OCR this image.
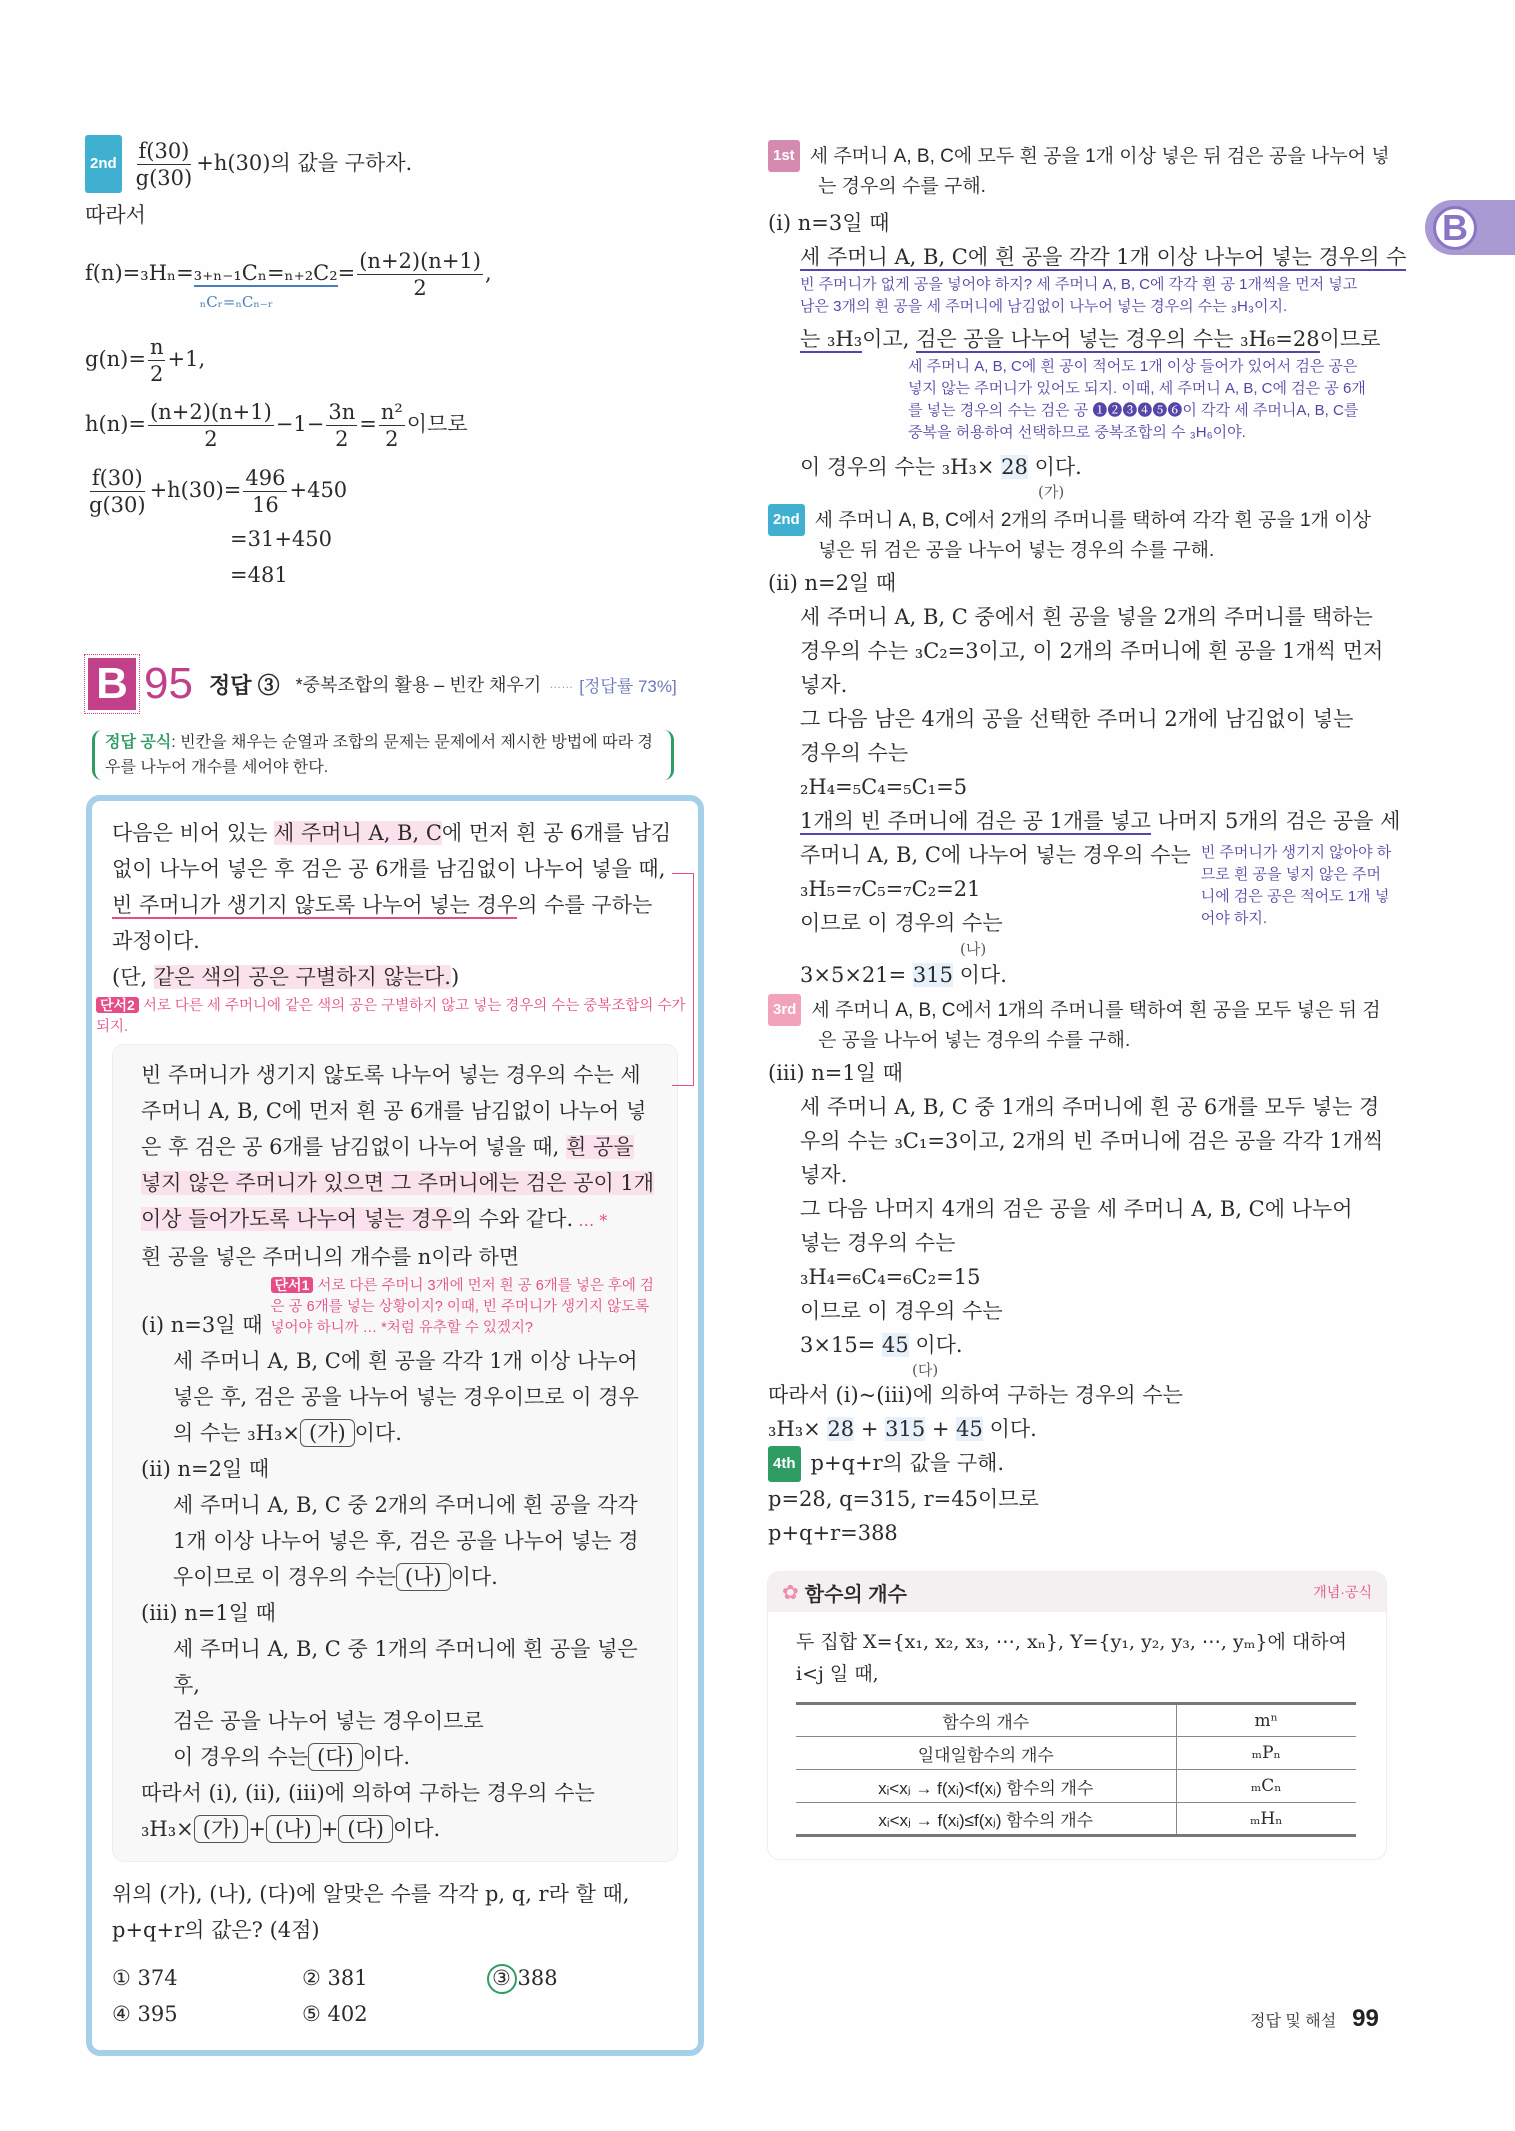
B
$2nd \frac{f(30)}{g(30)} +h(30)$의 값을 구하자.
따라서
f(n)=₃Hₙ=₃₊ₙ₋₁Cₙ=ₙ₊₂C₂
ₙCᵣ=ₙCₙ₋ᵣ
= $\frac{(n+2)(n+1)}{2}$ ,
$g(n)= \frac{n}{2} +1$,
$h(n)= \frac{(n+2)(n+1)}{2} -1- \frac{3n}{2} = \frac{\text{n²}}{2}$ 이므로
$\frac{f(30)}{g(30)} +h(30)= \frac{496}{16} +450$
=31+450
=481
B 95 정답 ③ *중복조합의 활용 – 빈칸 채우기 …… [정답률 73%]
정답 공식: 빈칸을 채우는 순열과 조합의 문제는 문제에서 제시한 방법에 따라 경우를 나누어 개수를 세어야 한다.

다음은 비어 있는 세 주머니 A, B, C에 먼저 흰 공 6개를 남김없이 나누어 넣은 후 검은 공 6개를 남김없이 나누어 넣을 때, 빈 주머니가 생기지 않도록 나누어 넣는 경우의 수를 구하는 과정이다.

(단, 같은 색의 공은 구별하지 않는다.)

단서2 서로 다른 세 주머니에 같은 색의 공은 구별하지 않고 넣는 경우의 수는 중복조합의 수가 되지.

빈 주머니가 생기지 않도록 나누어 넣는 경우의 수는 세 주머니 A, B, C에 먼저 흰 공 6개를 남김없이 나누어 넣은 후 검은 공 6개를 남김없이 나누어 넣을 때, 흰 공을 넣지 않은 주머니가 있으면 그 주머니에는 검은 공이 1개 이상 들어가도록 나누어 넣는 경우의 수와 같다. … *

흰 공을 넣은 주머니의 개수를 n이라 하면

(i) n=3일 때
단서1 서로 다른 주머니 3개에 먼저 흰 공 6개를 넣은 후에 검은 공 6개를 넣는 상황이지? 이때, 빈 주머니가 생기지 않도록 넣어야 하니까 … *처럼 유추할 수 있겠지?

세 주머니 A, B, C에 흰 공을 각각 1개 이상 나누어 넣은 후, 검은 공을 나누어 넣는 경우이므로 이 경우의 수는 ₃H₃× (가) 이다.

(ii) n=2일 때

세 주머니 A, B, C 중 2개의 주머니에 흰 공을 각각 1개 이상 나누어 넣은 후, 검은 공을 나누어 넣는 경우이므로 이 경우의 수는 (나) 이다.

(iii) n=1일 때

세 주머니 A, B, C 중 1개의 주머니에 흰 공을 넣은 후,

검은 공을 나누어 넣는 경우이므로

이 경우의 수는 (다) 이다.

따라서 (i), (ii), (iii)에 의하여 구하는 경우의 수는

₃H₃× (가) + (나) + (다) 이다.

위의 (가), (나), (다)에 알맞은 수를 각각 p, q, r라 할 때,

p+q+r의 값은? (4점)

① 374	② 381	③ 388
④ 395	⑤ 402

1st 세 주머니 A, B, C에 모두 흰 공을 1개 이상 넣은 뒤 검은 공을 나누어 넣는 경우의 수를 구해.

(i) n=3일 때

세 주머니 A, B, C에 흰 공을 각각 1개 이상 나누어 넣는 경우의 수

빈 주머니가 없게 공을 넣어야 하지? 세 주머니 A, B, C에 각각 흰 공 1개씩을 먼저 넣고 남은 3개의 흰 공을 세 주머니에 남김없이 나누어 넣는 경우의 수는 ₃H₃이지.

는 ₃H₃이고, 검은 공을 나누어 넣는 경우의 수는 ₃H₆=28이므로

세 주머니 A, B, C에 흰 공이 적어도 1개 이상 들어가 있어서 검은 공은 넣지 않는 주머니가 있어도 되지. 이때, 세 주머니 A, B, C에 검은 공 6개를 넣는 경우의 수는 검은 공 ❶❷❸❹❺❻이 각각 세 주머니A, B, C를 중복을 허용하여 선택하므로 중복조합의 수 ₃H₆이야.

이 경우의 수는 ₃H₃× 28 이다.

(가)

2nd 세 주머니 A, B, C에서 2개의 주머니를 택하여 각각 흰 공을 1개 이상 넣은 뒤 검은 공을 나누어 넣는 경우의 수를 구해.

(ii) n=2일 때

세 주머니 A, B, C 중에서 흰 공을 넣을 2개의 주머니를 택하는 경우의 수는 ₃C₂=3이고, 이 2개의 주머니에 흰 공을 1개씩 먼저 넣자.

그 다음 남은 4개의 공을 선택한 주머니 2개에 남김없이 넣는

경우의 수는

₂H₄=₅C₄=₅C₁=5

1개의 빈 주머니에 검은 공 1개를 넣고 나머지 5개의 검은 공을 세

주머니 A, B, C에 나누어 넣는 경우의 수는

₃H₅=₇C₅=₇C₂=21

이므로 이 경우의 수는

빈 주머니가 생기지 않아야 하므로 흰 공을 넣지 않은 주머니에 검은 공은 적어도 1개 넣어야 하지.

(나)

3×5×21= 315 이다.

3rd 세 주머니 A, B, C에서 1개의 주머니를 택하여 흰 공을 모두 넣은 뒤 검은 공을 나누어 넣는 경우의 수를 구해.

(iii) n=1일 때

세 주머니 A, B, C 중 1개의 주머니에 흰 공 6개를 모두 넣는 경우의 수는 ₃C₁=3이고, 2개의 빈 주머니에 검은 공을 각각 1개씩 넣자.

그 다음 나머지 4개의 검은 공을 세 주머니 A, B, C에 나누어

넣는 경우의 수는

₃H₄=₆C₄=₆C₂=15

이므로 이 경우의 수는

3×15= 45 이다.

(다)

따라서 (i)~(iii)에 의하여 구하는 경우의 수는

₃H₃× 28 + 315 + 45 이다.

4th p+q+r의 값을 구해.

p=28, q=315, r=45이므로

p+q+r=388

✿ 함수의 개수	개념·공식

두 집합 X={x₁, x₂, x₃, ⋯, xₙ}, Y={y₁, y₂, y₃, ⋯, yₘ}에 대하여 i<j 일 때,

함수의 개수	mⁿ
일대일함수의 개수	ₘPₙ
xᵢ<xⱼ → f(xᵢ)<f(xⱼ) 함수의 개수	ₘCₙ
xᵢ<xⱼ → f(xᵢ)≤f(xⱼ) 함수의 개수	ₘHₙ
정답 및 해설 99
